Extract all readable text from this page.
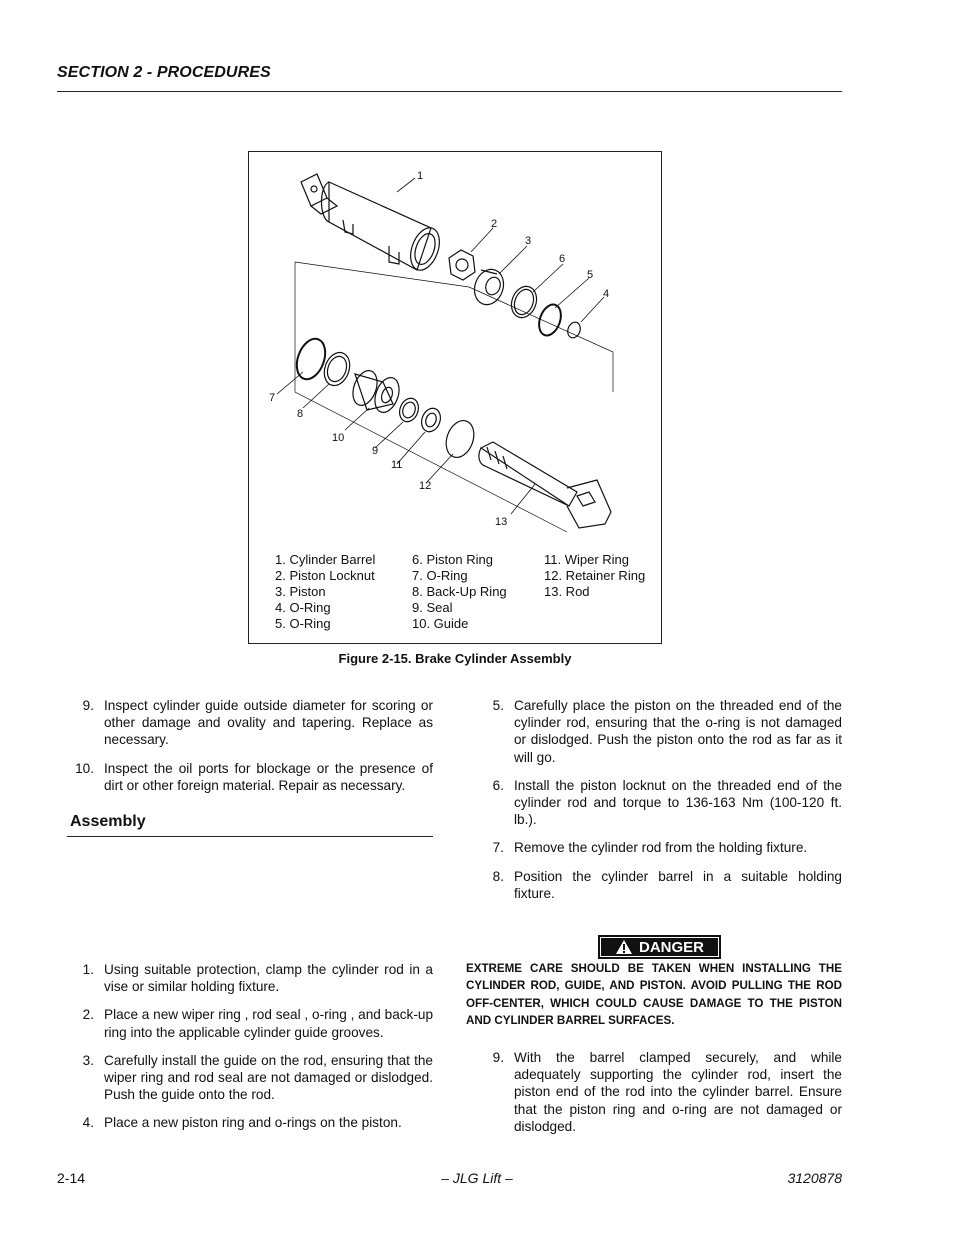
SECTION 2 - PROCEDURES
1
2
3
6
5
4
7
8
10
9
11
12
13
1. Cylinder Barrel
2. Piston Locknut
3. Piston
4. O-Ring
5. O-Ring
6. Piston Ring
7. O-Ring
8. Back-Up Ring
9. Seal
10. Guide
11. Wiper Ring
12. Retainer Ring
13. Rod
Figure 2-15. Brake Cylinder Assembly
9. Inspect cylinder guide outside diameter for scoring or other damage and ovality and tapering. Replace as necessary.
10. Inspect the oil ports for blockage or the presence of dirt or other foreign material. Repair as necessary.
Assembly
1. Using suitable protection, clamp the cylinder rod in a vise or similar holding fixture.
2. Place a new wiper ring , rod seal , o-ring , and back-up ring into the applicable cylinder guide grooves.
3. Carefully install the guide on the rod, ensuring that the wiper ring and rod seal are not damaged or dislodged. Push the guide onto the rod.
4. Place a new piston ring and o-rings on the piston.
5. Carefully place the piston on the threaded end of the cylinder rod, ensuring that the o-ring is not damaged or dislodged. Push the piston onto the rod as far as it will go.
6. Install the piston locknut on the threaded end of the cylinder rod and torque to 136-163 Nm (100-120 ft. lb.).
7. Remove the cylinder rod from the holding fixture.
8. Position the cylinder barrel in a suitable holding fixture.
DANGER
EXTREME CARE SHOULD BE TAKEN WHEN INSTALLING THE CYLINDER ROD, GUIDE, AND PISTON. AVOID PULLING THE ROD OFF-CENTER, WHICH COULD CAUSE DAMAGE TO THE PISTON AND CYLINDER BARREL SURFACES.
9. With the barrel clamped securely, and while adequately supporting the cylinder rod, insert the piston end of the rod into the cylinder barrel. Ensure that the piston ring and o-ring are not damaged or dislodged.
2-14	– JLG Lift –	3120878
